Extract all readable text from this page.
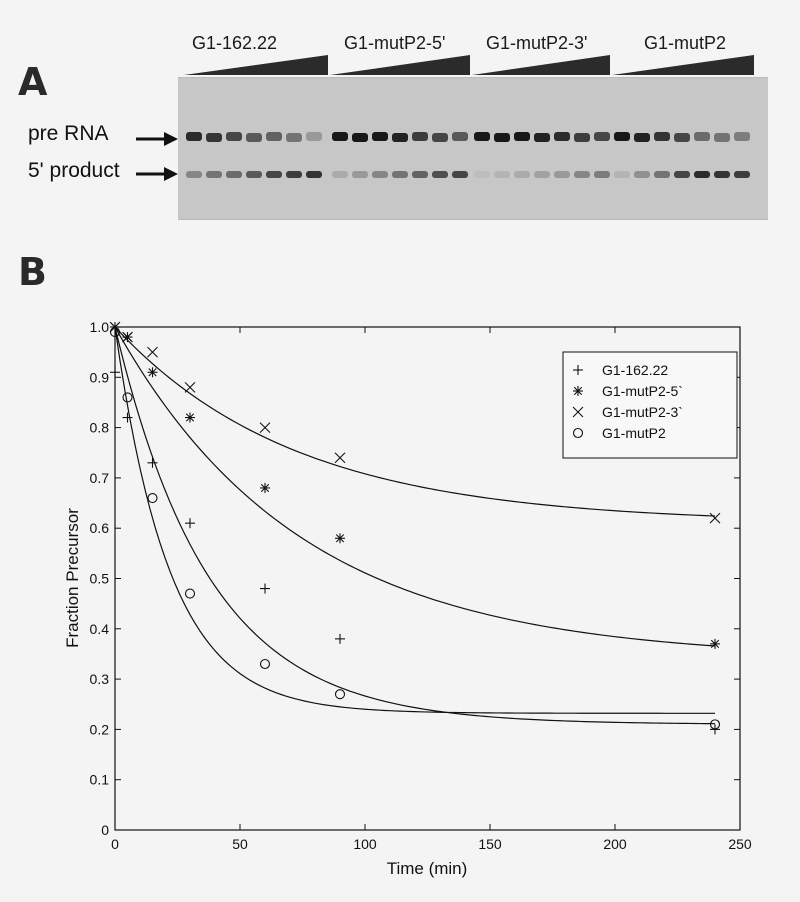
A
G1-162.22	G1-mutP2-5' G1-mutP2-3'	G1-mutP2
pre RNA
5' product
B
0	50	100	150	200	250
0
0.1
0.2
0.3
0.4
0.5
0.6
0.7
0.8
0.9
1.0
Time (min)
Fraction Precursor
G1-162.22
G1-mutP2-5`
G1-mutP2-3`
G1-mutP2
